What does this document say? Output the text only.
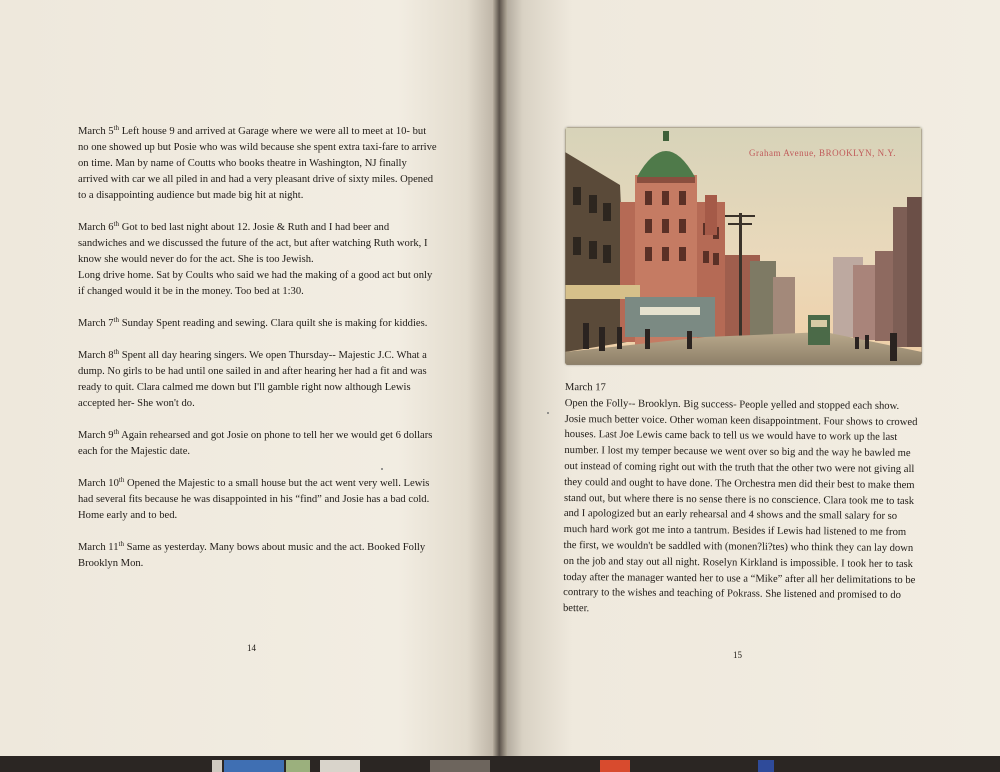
March 5th Left house 9 and arrived at Garage where we were all to meet at 10- but no one showed up but Posie who was wild because she spent extra taxi-fare to arrive on time. Man by name of Coutts who books theatre in Washington, NJ finally arrived with car we all piled in and had a very pleasant drive of sixty miles. Opened to a disappointing audience but made big hit at night.

March 6th Got to bed last night about 12. Josie & Ruth and I had beer and sandwiches and we discussed the future of the act, but after watching Ruth work, I know she would never do for the act. She is too Jewish.

Long drive home. Sat by Coults who said we had the making of a good act but only if changed would it be in the money. Too bed at 1:30.

March 7th Sunday Spent reading and sewing. Clara quilt she is making for kiddies.

March 8th Spent all day hearing singers. We open Thursday-- Majestic J.C. What a dump. No girls to be had until one sailed in and after hearing her had a fit and was ready to quit. Clara calmed me down but I'll gamble right now although Lewis accepted her- She won't do.

March 9th Again rehearsed and got Josie on phone to tell her we would get 6 dollars each for the Majestic date.

March 10th Opened the Majestic to a small house but the act went very well. Lewis had several fits because he was disappointed in his “find” and Josie has a bad cold. Home early and to bed.

March 11th Same as yesterday. Many bows about music and the act. Booked Folly Brooklyn Mon.

14
Graham Avenue, BROOKLYN, N.Y.

March 17

Open the Folly-- Brooklyn. Big success- People yelled and stopped each show. Josie much better voice. Other woman keen disappointment. Four shows to crowed houses. Last Joe Lewis came back to tell us we would have to work up the last number. I lost my temper because we went over so big and the way he bawled me out instead of coming right out with the truth that the other two were not giving all they could and ought to have done. The Orchestra men did their best to make them stand out, but where there is no sense there is no conscience. Clara took me to task and I apologized but an early rehearsal and 4 shows and the small salary for so much hard work got me into a tantrum. Besides if Lewis had listened to me from the first, we wouldn't be saddled with (monen?li?tes) who think they can lay down on the job and stay out all night. Roselyn Kirkland is impossible. I took her to task today after the manager wanted her to use a “Mike” after all her delimitations to be contrary to the wishes and teaching of Pokrass. She listened and promised to do better.

15
